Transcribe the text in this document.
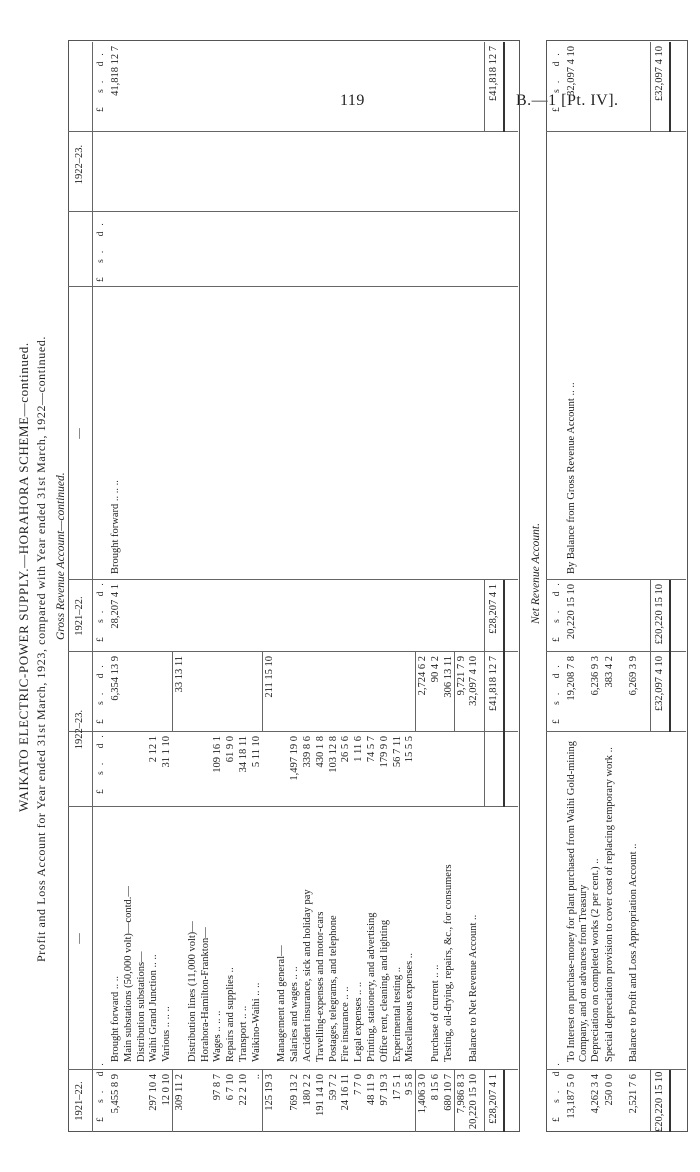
119	B.—1 [Pt. IV].
WAIKATO ELECTRIC-POWER SUPPLY.—HORAHORA SCHEME—continued. Profit and Loss Account for Year ended 31st March, 1923, compared with Year ended 31st March, 1922—continued. Gross Revenue Account—continued.
1921–22.
—
1922–23.
1921–22.
—
1922–23.
£ s. d.
£ s. d.
£ s. d.
£ s. d.
£ s. d.
£ s. d.
5,455 8 9
Brought forward .. ..
6,354 13 9
Main substations (50,000 volt)—contd.— Distribution substations—
297 10 4
Waihi Grand Junction .. ..
2 12 1
12 0 10
Various .. .. ..
31 1 10
309 11 2
33 13 11
Distribution lines (11,000 volt)— Horahora-Hamilton-Frankton—
97 8 7
Wages .. .. ..
109 16 1
6 7 10
Repairs and supplies ..
61 9 0
22 2 10
Transport .. ..
34 18 11
..
Waikino-Waihi .. ..
5 11 10
125 19 3
211 15 10
Management and general—
769 13 2
Salaries and wages .. ..
1,497 19 0
180 2 2
Accident insurance, sick and holiday pay
339 8 6
191 14 10
Travelling-expenses and motor-cars
430 1 8
59 7 2
Postages, telegrams, and telephone
103 12 8
24 16 11
Fire insurance .. ..
26 5 6
7 7 0
Legal expenses .. ..
1 11 6
48 11 9
Printing, stationery, and advertising
74 5 7
97 19 3
Office rent, cleaning, and lighting
179 9 0
17 5 1
Experimental testing ..
56 7 11
9 5 8
Miscellaneous expenses ..
15 5 5
1,406 3 0
2,724 6 2
8 15 6
Purchase of current .. ..
90 4 2
680 10 7
Testing, oil-drying, repairs, &c., for consumers
306 13 11
7,986 8 3
9,721 7 9
20,220 15 10
Balance to Net Revenue Account ..
32,097 4 10
£28,207 4 1
£41,818 12 7
28,207 4 1
Brought forward .. .. ..
41,818 12 7
£28,207 4 1
£41,818 12 7
Net Revenue Account.
£ s. d.
£ s. d.
£ s. d.
£ s. d.
13,187 5 0
To Interest on purchase-money for plant purchased from Waihi Gold-mining Company, and on advances from Treasury
19,208 7 8
4,262 3 4
Depreciation on completed works (2 per cent.) ..
6,236 9 3
250 0 0
Special depreciation provision to cover cost of replacing temporary work ..
383 4 2
2,521 7 6
Balance to Profit and Loss Appropriation Account ..
6,269 3 9
£20,220 15 10
£32,097 4 10
20,220 15 10
By Balance from Gross Revenue Account .. ..
32,097 4 10
£20,220 15 10
£32,097 4 10
